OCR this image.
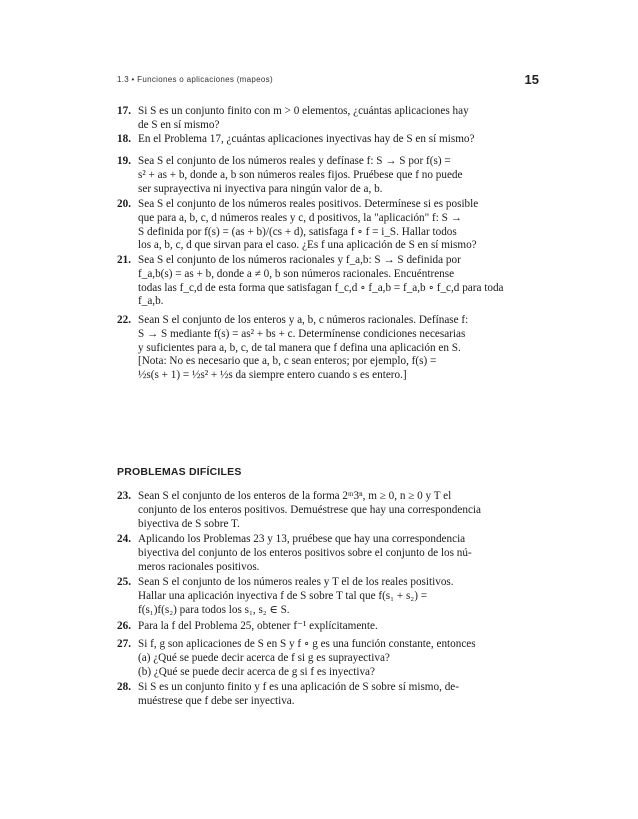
1.3 • Funciones o aplicaciones (mapeos)	15
17. Si S es un conjunto finito con m > 0 elementos, ¿cuántas aplicaciones hay
de S en sí mismo?
18. En el Problema 17, ¿cuántas aplicaciones inyectivas hay de S en sí mismo?
19. Sea S el conjunto de los números reales y defínase f: S → S por f(s) =
s² + as + b, donde a, b son números reales fijos. Pruébese que f no puede
ser suprayectiva ni inyectiva para ningún valor de a, b.
20. Sea S el conjunto de los números reales positivos. Determínese si es posible
que para a, b, c, d números reales y c, d positivos, la "aplicación" f: S →
S definida por f(s) = (as + b)/(cs + d), satisfaga f ∘ f = i_S. Hallar todos
los a, b, c, d que sirvan para el caso. ¿Es f una aplicación de S en sí mismo?
21. Sea S el conjunto de los números racionales y f_a,b: S → S definida por
f_a,b(s) = as + b, donde a ≠ 0, b son números racionales. Encuéntrense
todas las f_c,d de esta forma que satisfagan f_c,d ∘ f_a,b = f_a,b ∘ f_c,d para toda
f_a,b.
22. Sean S el conjunto de los enteros y a, b, c números racionales. Defínase f:
S → S mediante f(s) = as² + bs + c. Determínense condiciones necesarias
y suficientes para a, b, c, de tal manera que f defina una aplicación en S.
[Nota: No es necesario que a, b, c sean enteros; por ejemplo, f(s) =
½s(s + 1) = ½s² + ½s da siempre entero cuando s es entero.]
PROBLEMAS DIFÍCILES
23. Sean S el conjunto de los enteros de la forma 2ᵐ3ⁿ, m ≥ 0, n ≥ 0 y T el
conjunto de los enteros positivos. Demuéstrese que hay una correspondencia
biyectiva de S sobre T.
24. Aplicando los Problemas 23 y 13, pruébese que hay una correspondencia
biyectiva del conjunto de los enteros positivos sobre el conjunto de los nú-
meros racionales positivos.
25. Sean S el conjunto de los números reales y T el de los reales positivos.
Hallar una aplicación inyectiva f de S sobre T tal que f(s₁ + s₂) =
f(s₁)f(s₂) para todos los s₁, s₂ ∈ S.
26. Para la f del Problema 25, obtener f⁻¹ explícitamente.
27. Si f, g son aplicaciones de S en S y f ∘ g es una función constante, entonces
(a) ¿Qué se puede decir acerca de f si g es suprayectiva?
(b) ¿Qué se puede decir acerca de g si f es inyectiva?
28. Si S es un conjunto finito y f es una aplicación de S sobre sí mismo, de-
muéstrese que f debe ser inyectiva.
